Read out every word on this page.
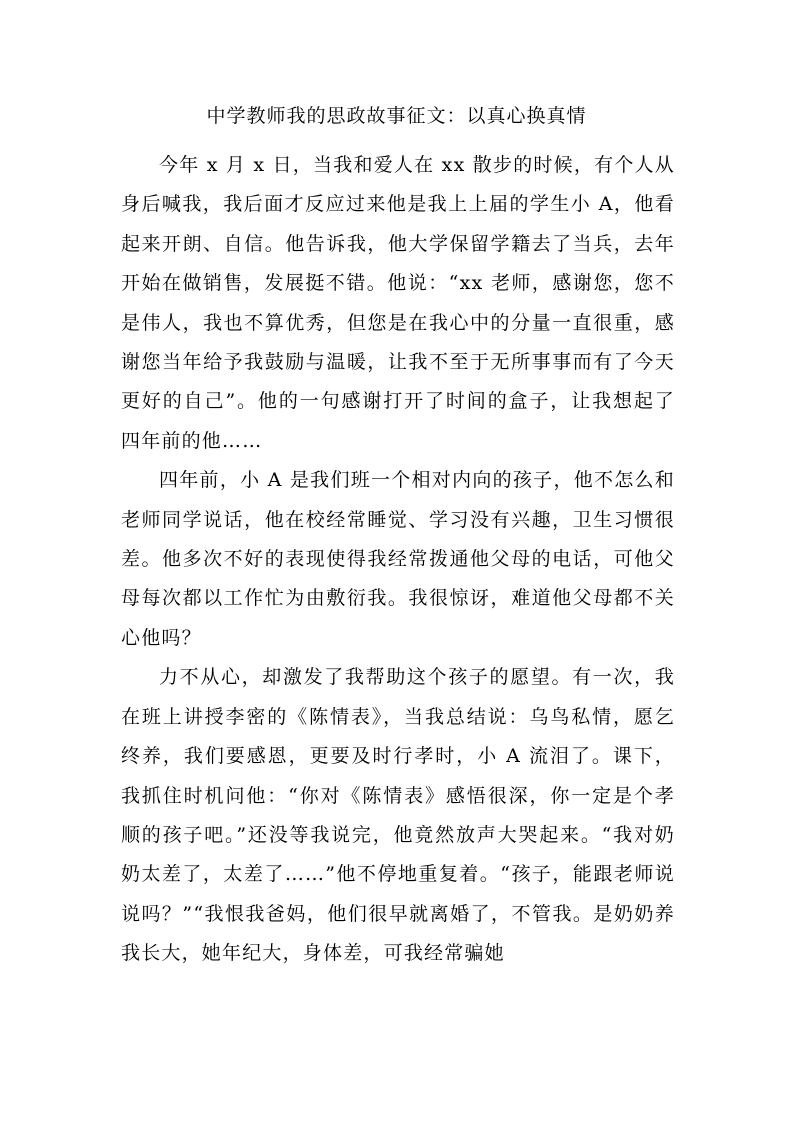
中学教师我的思政故事征文：以真心换真情

今年 x 月 x 日，当我和爱人在 xx 散步的时候，有个人从身后喊我，我后面才反应过来他是我上上届的学生小 A，他看起来开朗、自信。他告诉我，他大学保留学籍去了当兵，去年开始在做销售，发展挺不错。他说：“xx 老师，感谢您，您不是伟人，我也不算优秀，但您是在我心中的分量一直很重，感谢您当年给予我鼓励与温暖，让我不至于无所事事而有了今天更好的自己”。他的一句感谢打开了时间的盒子，让我想起了四年前的他……

四年前，小 A 是我们班一个相对内向的孩子，他不怎么和老师同学说话，他在校经常睡觉、学习没有兴趣，卫生习惯很差。他多次不好的表现使得我经常拨通他父母的电话，可他父母每次都以工作忙为由敷衍我。我很惊讶，难道他父母都不关心他吗？

力不从心，却激发了我帮助这个孩子的愿望。有一次，我在班上讲授李密的《陈情表》，当我总结说：乌鸟私情，愿乞终养，我们要感恩，更要及时行孝时，小 A 流泪了。课下，我抓住时机问他：“你对《陈情表》感悟很深，你一定是个孝顺的孩子吧。”还没等我说完，他竟然放声大哭起来。“我对奶奶太差了，太差了……”他不停地重复着。“孩子，能跟老师说说吗？”“我恨我爸妈，他们很早就离婚了，不管我。是奶奶养我长大，她年纪大，身体差，可我经常骗她
